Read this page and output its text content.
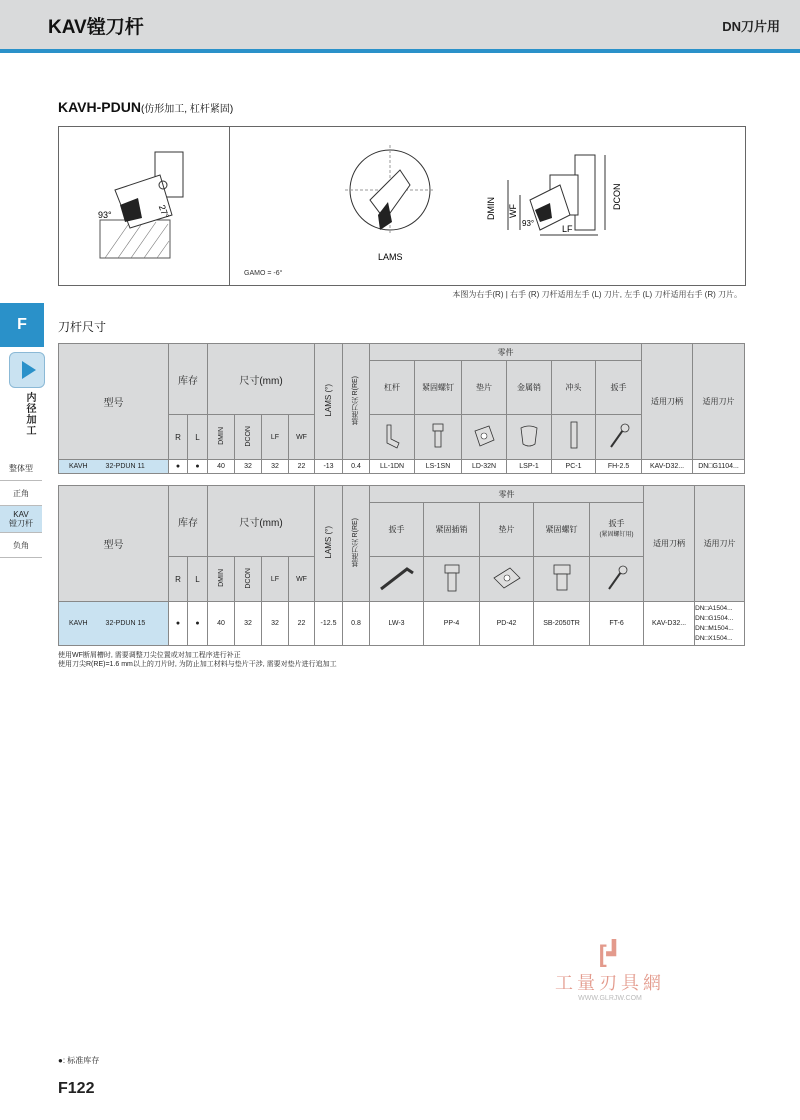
KAV镗刀杆	DN刀片用
KAVH-PDUN(仿形加工, 杠杆紧固)
93°	27°
LAMS
DMIN WF
DCON
LF
93°
GAMO = -6°
本图为右手(R) | 右手 (R) 刀杆适用左手 (L) 刀片, 左手 (L) 刀杆适用右手 (R) 刀片。
F
内径加工
整体型
正角
KAV
镗刀杆
负角
刀杆尺寸
型号	库存		尺寸(mm)				LAMS (°)	基准刀尖 R(RE)	零件						适用刀柄	适用刀片
									杠杆	紧固螺钉	垫片	金属销	冲头	扳手		
	R	L	DMIN	DCON	LF	WF						
KAVH 32-PDUN 11	●	●	40	32	32	22	-13	0.4	LL-1DN	LS-1SN	LD-32N	LSP-1	PC-1	FH-2.5	KAV-D32...	DN□G1104...
型号	库存		尺寸(mm)				LAMS (°)	基准刀尖 R(RE)	零件					适用刀柄	适用刀片
									扳手	紧固插销	垫片	紧固螺钉	扳手
(紧固螺钉用)		
	R	L	DMIN	DCON	LF	WF					
KAVH 32-PDUN 15	●	●	40	32	32	22	-12.5	0.8	LW-3	PP-4	PD-42	SB-2050TR	FT-6	KAV-D32...	DN□A1504...
DN□G1504...
DN□M1504...
DN□X1504...
使用WF断屑槽时, 需要调整刀尖位置或对加工程序进行补正
使用刀尖R(RE)=1.6 mm以上的刀片时, 为防止加工材料与垫片干涉, 需要对垫片进行追加工
[┛
工量刃具網
WWW.GLRJW.COM
●: 标准库存
F122
